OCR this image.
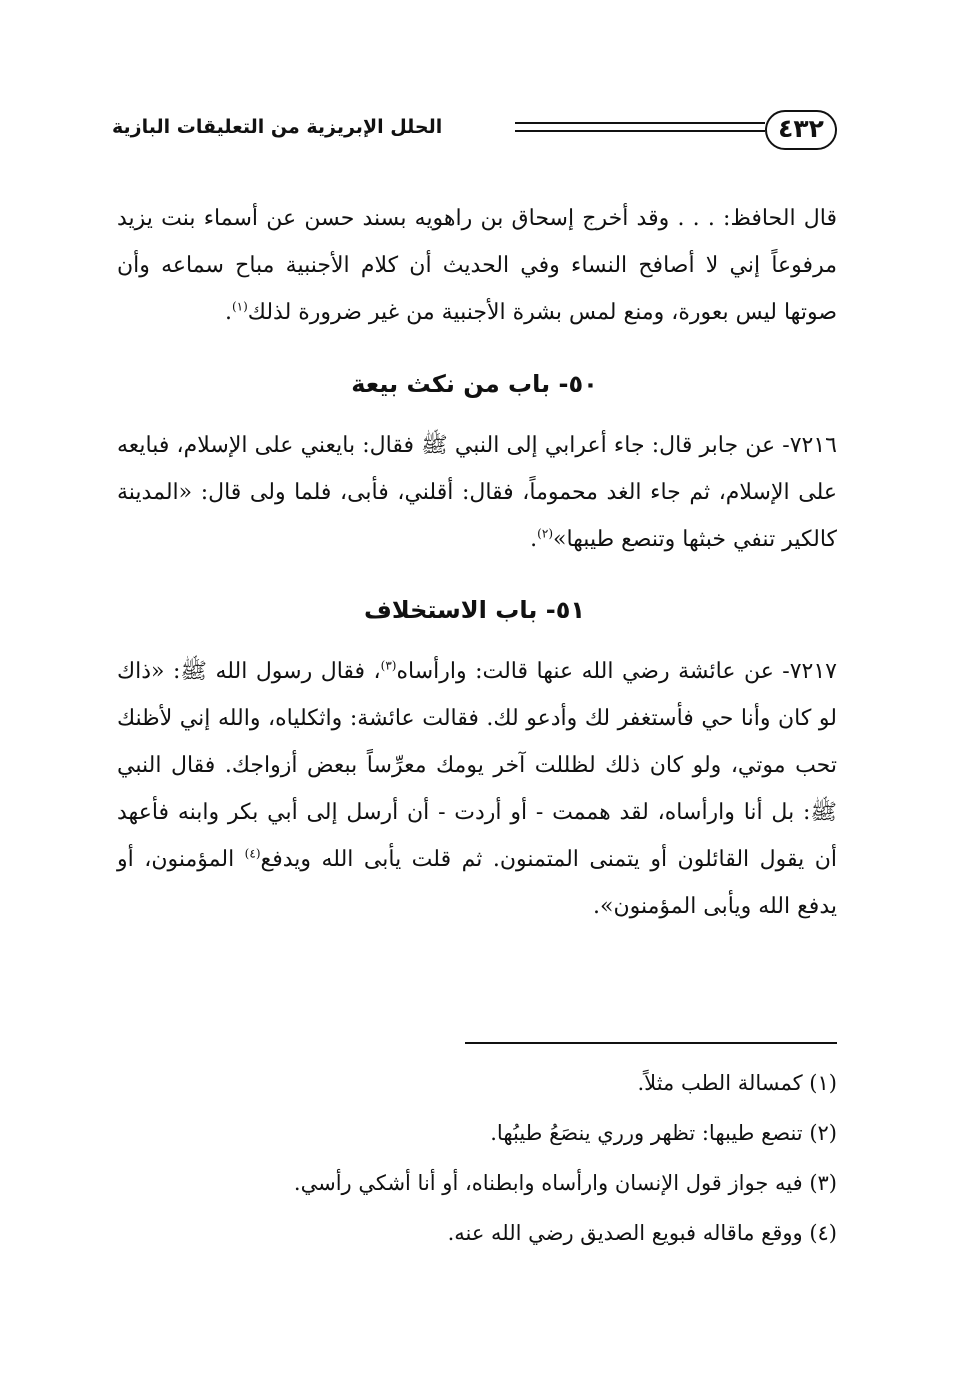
٤٣٢
الحلل الإبريزية من التعليقات البازية

قال الحافظ: . . . وقد أخرج إسحاق بن راهويه بسند حسن عن أسماء بنت يزيد مرفوعاً إني لا أصافح النساء وفي الحديث أن كلام الأجنبية مباح سماعه وأن صوتها ليس بعورة، ومنع لمس بشرة الأجنبية من غير ضرورة لذلك$^{(١)}$.

٥٠- باب من نكث بيعة

٧٢١٦- عن جابر قال: جاء أعرابي إلى النبي ﷺ فقال: بايعني على الإسلام، فبايعه على الإسلام، ثم جاء الغد محموماً، فقال: أقلني، فأبى، فلما ولى قال: «المدينة كالكير تنفي خبثها وتنصع طيبها»$^{(٢)}$.

٥١- باب الاستخلاف

٧٢١٧- عن عائشة رضي الله عنها قالت: وارأساه$^{(٣)}$، فقال رسول الله ﷺ: «ذاك لو كان وأنا حي فأستغفر لك وأدعو لك. فقالت عائشة: واثكلياه، والله إني لأظنك تحب موتي، ولو كان ذلك لظللت آخر يومك معرِّساً ببعض أزواجك. فقال النبي ﷺ: بل أنا وارأساه، لقد هممت - أو أردت - أن أرسل إلى أبي بكر وابنه فأعهد أن يقول القائلون أو يتمنى المتمنون. ثم قلت يأبى الله ويدفع$^{(٤)}$ المؤمنون، أو يدفع الله ويأبى المؤمنون».

(١) كمسالة الطب مثلاً.

(٢) تنصع طيبها: تظهر ورري ينصَعُ طيبُها.

(٣) فيه جواز قول الإنسان وارأساه وابطناه، أو أنا أشكي رأسي.

(٤) ووقع ماقاله فبويع الصديق رضي الله عنه.
